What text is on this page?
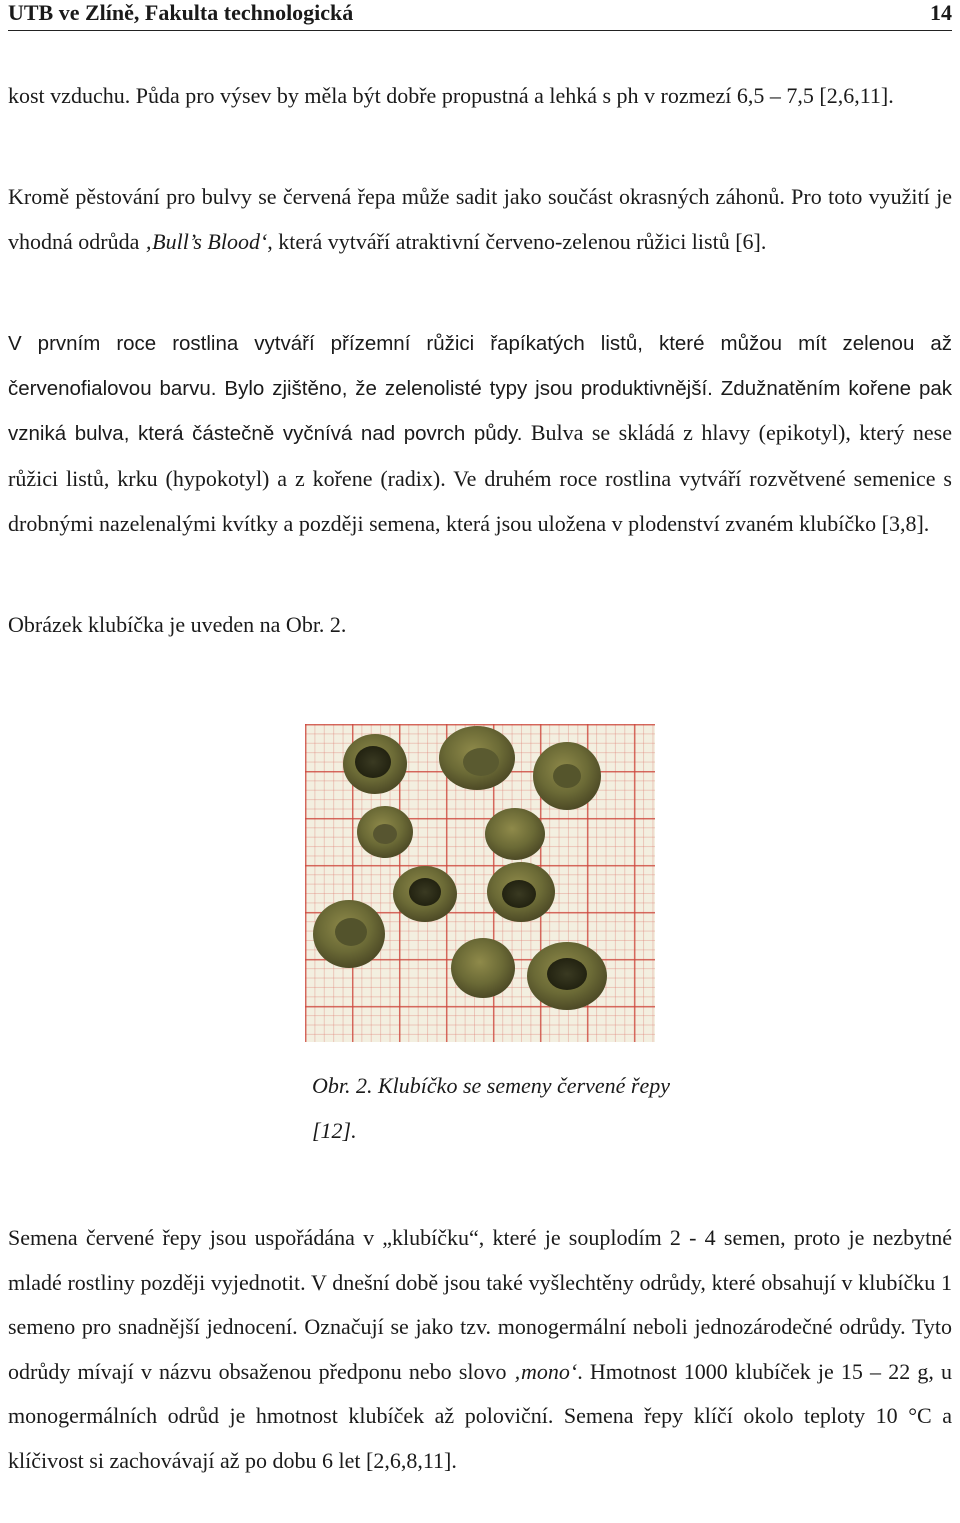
UTB ve Zlíně, Fakulta technologická	14

kost vzduchu. Půda pro výsev by měla být dobře propustná a lehká s ph v rozmezí 6,5 – 7,5 [2,6,11].

Kromě pěstování pro bulvy se červená řepa může sadit jako součást okrasných záhonů. Pro toto využití je vhodná odrůda ‚Bull’s Blood‘, která vytváří atraktivní červeno-zelenou růžici listů [6].

V prvním roce rostlina vytváří přízemní růžici řapíkatých listů, které můžou mít zelenou až červenofialovou barvu. Bylo zjištěno, že zelenolisté typy jsou produktivnější. Zdužnatěním kořene pak vzniká bulva, která částečně vyčnívá nad povrch půdy. Bulva se skládá z hlavy (epikotyl), který nese růžici listů, krku (hypokotyl) a z kořene (radix). Ve druhém roce rostlina vytváří rozvětvené semenice s drobnými nazelenalými kvítky a později semena, která jsou uložena v plodenství zvaném klubíčko [3,8].

Obrázek klubíčka je uveden na Obr. 2.

Obr. 2. Klubíčko se semeny červené řepy [12].

Semena červené řepy jsou uspořádána v „klubíčku“, které je souplodím 2 - 4 semen, proto je nezbytné mladé rostliny později vyjednotit. V dnešní době jsou také vyšlechtěny odrůdy, které obsahují v klubíčku 1 semeno pro snadnější jednocení. Označují se jako tzv. monogermální neboli jednozárodečné odrůdy. Tyto odrůdy mívají v názvu obsaženou předponu nebo slovo ‚mono‘. Hmotnost 1000 klubíček je 15 – 22 g, u monogermálních odrůd je hmotnost klubíček až poloviční. Semena řepy klíčí okolo teploty 10 °C a klíčivost si zachovávají až po dobu 6 let [2,6,8,11].
